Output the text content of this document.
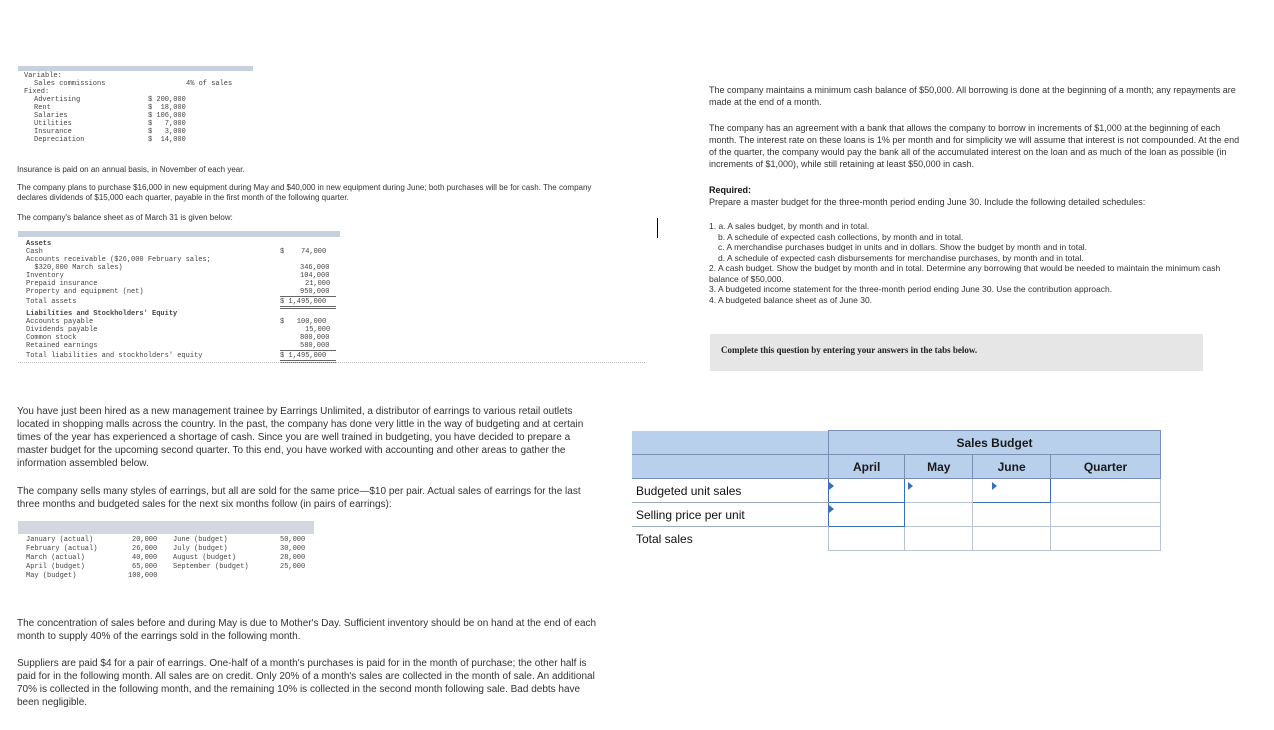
Variable:
Sales commissions	4% of sales
Fixed:
Advertising	$ 200,000
Rent	$  18,000
Salaries	$ 106,000
Utilities	$   7,000
Insurance	$   3,000
Depreciation	$  14,000
Insurance is paid on an annual basis, in November of each year.
The company plans to purchase $16,000 in new equipment during May and $40,000 in new equipment during June; both purchases will be for cash. The company declares dividends of $15,000 each quarter, payable in the first month of the following quarter.
The company's balance sheet as of March 31 is given below:
Assets
Cash	$    74,000
Accounts receivable ($26,000 February sales;
$320,000 March sales)	346,000
Inventory	104,000
Prepaid insurance	21,000
Property and equipment (net)	950,000
Total assets	$ 1,495,000
Liabilities and Stockholders' Equity
Accounts payable	$   100,000
Dividends payable	15,000
Common stock	800,000
Retained earnings	580,000
Total liabilities and stockholders' equity	$ 1,495,000
You have just been hired as a new management trainee by Earrings Unlimited, a distributor of earrings to various retail outlets located in shopping malls across the country. In the past, the company has done very little in the way of budgeting and at certain times of the year has experienced a shortage of cash. Since you are well trained in budgeting, you have decided to prepare a master budget for the upcoming second quarter. To this end, you have worked with accounting and other areas to gather the information assembled below.
The company sells many styles of earrings, but all are sold for the same price—$10 per pair. Actual sales of earrings for the last three months and budgeted sales for the next six months follow (in pairs of earrings):
January (actual)	20,000
February (actual)	26,000
March (actual)	40,000
April (budget)	65,000
May (budget)	100,000
June (budget)	50,000
July (budget)	30,000
August (budget)	28,000
September (budget)	25,000
The concentration of sales before and during May is due to Mother's Day. Sufficient inventory should be on hand at the end of each month to supply 40% of the earrings sold in the following month.
Suppliers are paid $4 for a pair of earrings. One-half of a month's purchases is paid for in the month of purchase; the other half is paid for in the following month. All sales are on credit. Only 20% of a month's sales are collected in the month of sale. An additional 70% is collected in the following month, and the remaining 10% is collected in the second month following sale. Bad debts have been negligible.
The company maintains a minimum cash balance of $50,000. All borrowing is done at the beginning of a month; any repayments are made at the end of a month.
The company has an agreement with a bank that allows the company to borrow in increments of $1,000 at the beginning of each month. The interest rate on these loans is 1% per month and for simplicity we will assume that interest is not compounded. At the end of the quarter, the company would pay the bank all of the accumulated interest on the loan and as much of the loan as possible (in increments of $1,000), while still retaining at least $50,000 in cash.
Required:
Prepare a master budget for the three-month period ending June 30. Include the following detailed schedules:
1. a. A sales budget, by month and in total.
b. A schedule of expected cash collections, by month and in total.
c. A merchandise purchases budget in units and in dollars. Show the budget by month and in total.
d. A schedule of expected cash disbursements for merchandise purchases, by month and in total.
2. A cash budget. Show the budget by month and in total. Determine any borrowing that would be needed to maintain the minimum cash balance of $50,000.
3. A budgeted income statement for the three-month period ending June 30. Use the contribution approach.
4. A budgeted balance sheet as of June 30.
Complete this question by entering your answers in the tabs below.
	Sales Budget			
	April	May	June	Quarter
Budgeted unit sales				
Selling price per unit				
Total sales				
